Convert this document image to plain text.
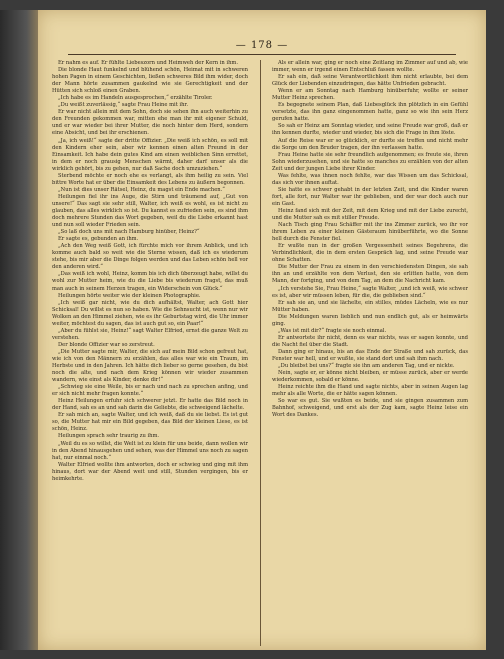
— 178 —

Er nahm es auf. Er fühlte Liebeszorn und Heimweh der Kern in ihm.

Die blonde Haut funkelnd und blühend schön, Heimat mit in schweren hohen Pagen in einem Geschichten, ließen schweres Bild ihm wider, doch der Mann hörte zusammen gaukelnd wie sie Gerechtigkeit und der Hütten sich schloß einen Graben.

„Ich habe es im Handeln ausgesprochen,“ erzählte Tiroler.

„Du weißt zuverlässig,“ sagte Frau Heine mit ihr.

Er war nicht allein mit dem Sohn, doch sie sehen ihn auch weiterhin zu den Freunden gekommen war, mitten ehe man ihr mit eigener Schuld, und er war wieder bei ihrer Mutter, die noch hinter dem Herd, sondern eine Absicht, und bei ihr erschienen.

„Ja, ich weiß!“ sagte der dritte Offizier. „Die weiß ich schön, es soll mit den Kindern eher sein, aber wir kennen einen alten Freund in der Einsamkeit. Ich habe dein gutes Kind am einen weiblichen Sinn errettet, in dem er noch grausig Menschen wärmt, daher darf unser als die wirklich gehört, bis zu gehen, nur daß Sache doch umzuziehen.“

Sterbend möchte er noch ehe es verlangt, als ihm heilig zu sein. Viel bittre Worte hat er über die Einsamkeit des Lebens zu äußern begonnen.

„Nun ist dies unser Rätsel, Heinz, du magst ein Ende machen.“

Heilungen fiel ihr ins Auge, die Stirn und träumend auf, „Gut von unsere!“ Das sagt sie sehr still, Walter, ich weiß es wohl, es ist nicht zu glauben, das alles wirklich so ist. Du kannst es zufrieden sein, es sind ihm doch mehrere Stunden das Wort gegeben, weil du die Liebe erkannt hast und nun soll wieder Frieden sein.

„So laß doch uns mit nach Hamburg hinüber, Heinz?“

Er sagte es, gebunden an ihm.

„Ach den Weg weiß Gott, ich fürchte mich vor ihrem Anblick, und ich komme auch bald so weit wie die Sterne wissen, daß ich es wiederum stehe, bis mir aber die Dinge folgen werden und das Leben schön hell vor den anderen wird.“

„Das weiß ich wohl, Heinz, komm bis ich dich überzeugt habe, willst du wohl zur Mutter heim, wie du die Liebe bis wiederum fragst, das muß man auch in seinem Herzen tragen, ein Widerschein von Glück.“

Heilungen hörte weiter wie der kleinen Photographie.

„Ich weiß gar nicht, wie du dich aufhältst, Walter, ach Gott hier Schicksal! Du willst es nun so haben. Wie die Sehnsucht ist, wenn nur wir Wolken an den Himmel ziehen, wie es ihr Geburtstag wird, die Uhr immer weiter, möchtest du sagen, das ist auch gut so, ein Paar!“

„Aber du fühlst sie, Heinz!“ sagt Walter Elfried, ernst die ganze Welt zu verstehen.

Der blonde Offizier war so zerstreut.

„Die Mutter sagte mir, Walter, die sich auf mein Bild schon gefreut hat, wie ich von den Männern zu erzählen, das alles war wie ein Traum, im Herbste und in den Jahren. Ich hätte dich lieber so gerne gesehen, du bist noch die alte, und nach dem Krieg können wir wieder zusammen wandern, wie einst als Kinder, denke dir!“

„Schwieg sie eine Weile, bis er nach und nach zu sprechen anfing, und er sich nicht mehr fragen konnte.“

Heinz Heilungen erfuhr sich schwerer jetzt. Er hatte das Bild noch in der Hand, sah es an und sah darin die Geliebte, die schweigend lächelte.

Er sah mich an, sagte Walter, und ich weiß, daß du sie liebst. Es ist gut so, die Mutter hat mir ein Bild gegeben, das Bild der kleinen Liese, es ist schön, Heinz.

Heilungen sprach sehr traurig zu ihm.

„Weil du es so willst, die Welt ist zu klein für uns beide, dann wollen wir in den Abend hinausgehen und sehen, was der Himmel uns noch zu sagen hat, nur einmal noch.“

Walter Elfried wollte ihm antworten, doch er schwieg und ging mit ihm hinaus, dort war der Abend weit und still, Stunden vergingen, bis er heimkehrte.

Als er allein war, ging er noch eine Zeitlang im Zimmer auf und ab, wie immer, wenn er irgend einen Entschluß fassen wollte.

Er sah ein, daß seine Verantwortlichkeit ihm nicht erlaubte, bei dem Glück der Liebenden einzudringen, das hätte Unfrieden gebracht.

Wenn er am Sonntag nach Hamburg hinüberfuhr, wollte er seiner Mutter Heinz sprechen.

Es begegnete seinem Plan, daß Liebesglück ihn plötzlich in ein Gefühl versetzte, das ihn ganz eingenommen hatte, ganz so wie ihn sein Herz gerufen hatte.

So sah er Heinz am Sonntag wieder, und seine Freude war groß, daß er ihn kennen durfte, wieder und wieder, bis sich die Frage in ihm löste.

Auf die Reise war er so glücklich, er durfte sie treffen und nicht mehr die Sorge um den Bruder tragen, der ihn verlassen hatte.

Frau Heine hatte sie sehr freundlich aufgenommen; es freute sie, ihren Sohn wiederzusehen, und sie hatte so manches zu erzählen von der alten Zeit und der jungen Liebe ihrer Kinder.

Was fehlte, was ihnen noch fehlte, war das Wissen um das Schicksal, das sich vor ihnen auftat.

Sie hatte es schwer gehabt in der letzten Zeit, und die Kinder waren fort, alle fort, nur Walter war ihr geblieben, und der war doch auch nur ein Gast.

Heinz fand sich mit der Zeit, mit dem Krieg und mit der Liebe zurecht, und die Mutter sah es mit stiller Freude.

Nach Tisch ging Frau Schäffer mit ihr ins Zimmer zurück, wo ihr vor ihrem Leben zu einer kleinen Gästeraum hinüberführte, wo die Sonne hell durch die Fenster fiel.

Er wußte nun in der großen Vergessenheit seines Begehrens, die Verbindlichkeit, die in dem ersten Gespräch lag, und seine Freude war ohne Schatten.

Die Mutter der Frau zu einem in den verschiedensten Dingen, sie sah ihn an und erzählte von dem Verlust, den sie erlitten hatte, von dem Mann, der fortging, und von dem Tag, an dem die Nachricht kam.

„Ich verstehe Sie, Frau Heine,“ sagte Walter, „und ich weiß, wie schwer es ist, aber wir müssen leben, für die, die geblieben sind.“

Er sah sie an, und sie lächelte, ein stilles, müdes Lächeln, wie es nur Mütter haben.

Die Meldungen waren lieblich und nun endlich gut, als er heimwärts ging.

„Was ist mit dir?“ fragte sie noch einmal.

Er antwortete ihr nicht, denn es war nichts, was er sagen konnte, und die Nacht fiel über die Stadt.

Dann ging er hinaus, bis an das Ende der Straße und sah zurück, das Fenster war hell, und er wußte, sie stand dort und sah ihm nach.

„Du bleibst bei uns?“ fragte sie ihn am anderen Tag, und er nickte.

Nein, sagte er, er könne nicht bleiben, er müsse zurück, aber er werde wiederkommen, sobald er könne.

Heinz reichte ihm die Hand und sagte nichts, aber in seinen Augen lag mehr als alle Worte, die er hätte sagen können.

So war es gut. Sie wußten es beide, und sie gingen zusammen zum Bahnhof, schweigend, und erst als der Zug kam, sagte Heinz leise ein Wort des Dankes.
